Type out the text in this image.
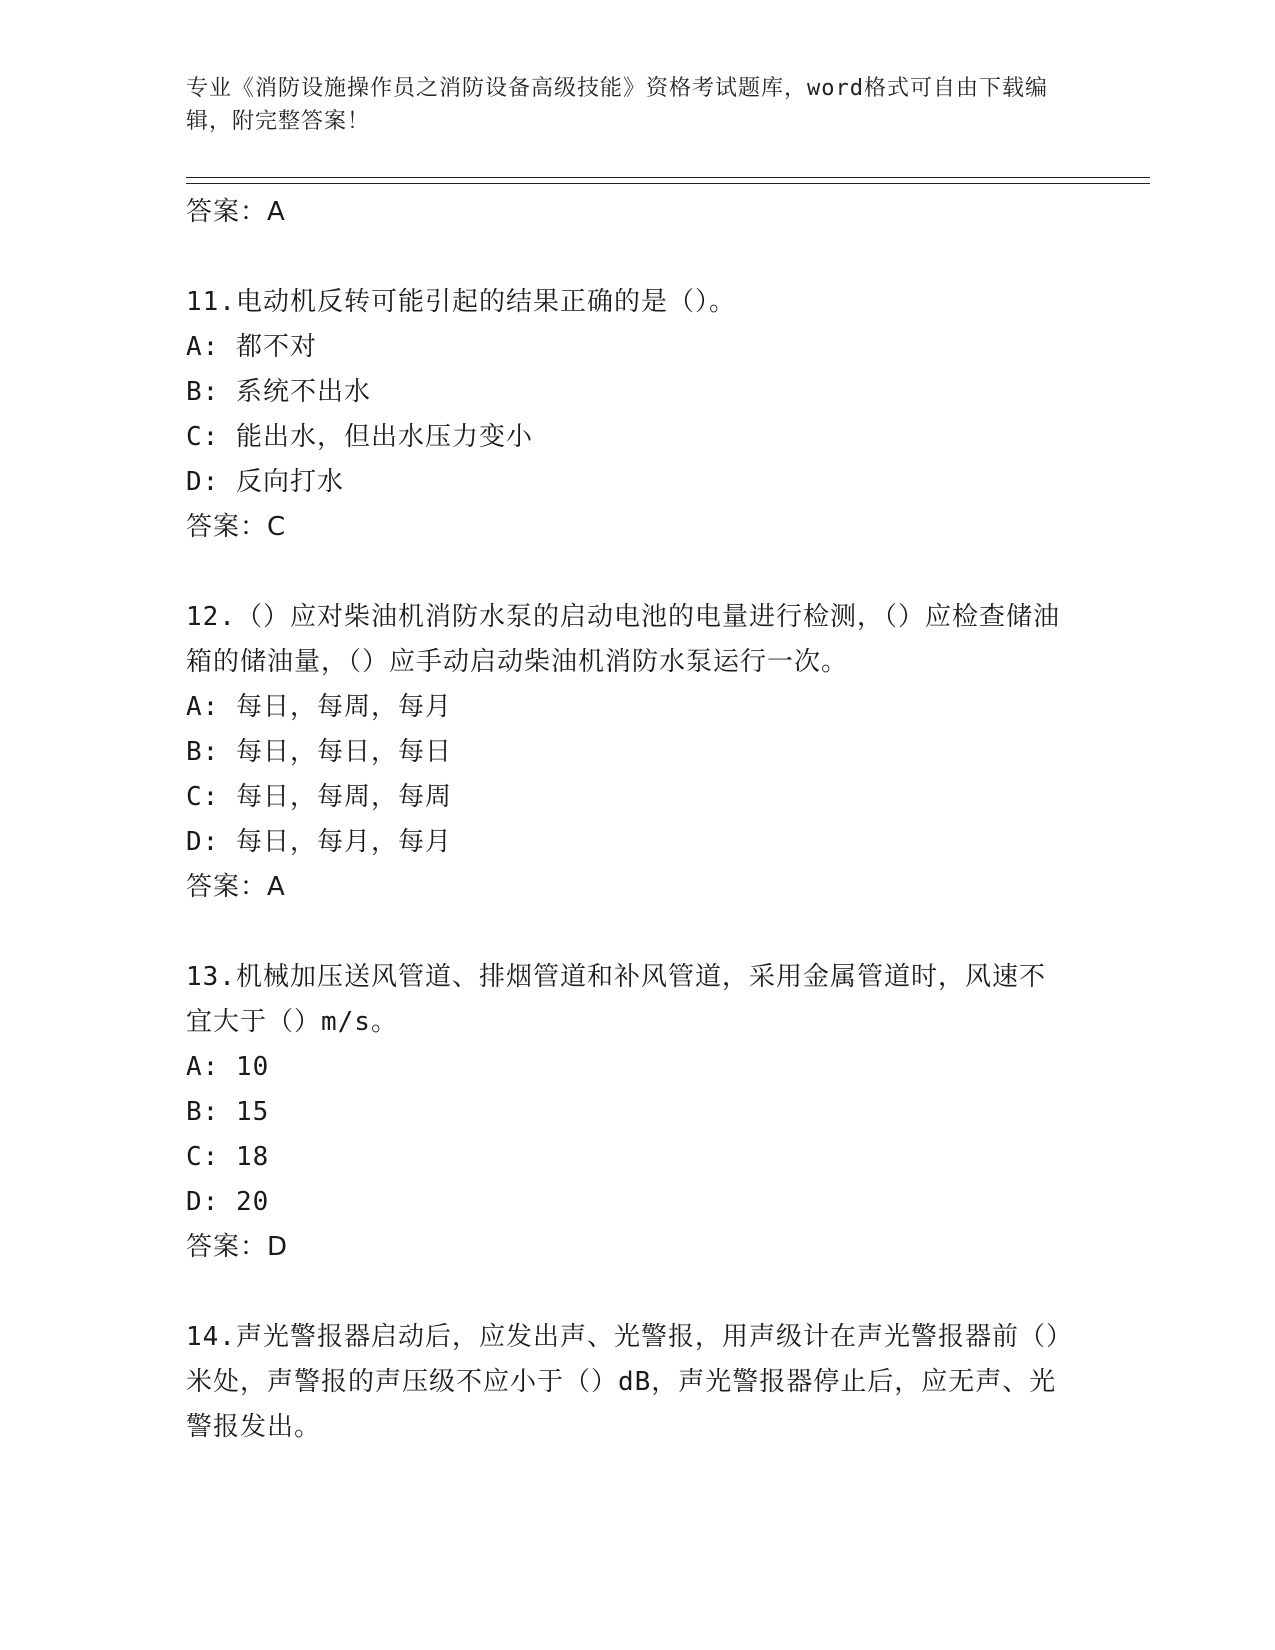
专业《消防设施操作员之消防设备高级技能》资格考试题库，word格式可自由下载编辑，附完整答案！
答案：A
11.电动机反转可能引起的结果正确的是（）。
A: 都不对
B: 系统不出水
C: 能出水，但出水压力变小
D: 反向打水
答案：C
12.（）应对柴油机消防水泵的启动电池的电量进行检测，（）应检查储油箱的储油量，（）应手动启动柴油机消防水泵运行一次。
A: 每日，每周，每月
B: 每日，每日，每日
C: 每日，每周，每周
D: 每日，每月，每月
答案：A
13.机械加压送风管道、排烟管道和补风管道，采用金属管道时，风速不宜大于（）m/s。
A: 10
B: 15
C: 18
D: 20
答案：D
14.声光警报器启动后，应发出声、光警报，用声级计在声光警报器前（）米处，声警报的声压级不应小于（）dB，声光警报器停止后，应无声、光警报发出。
